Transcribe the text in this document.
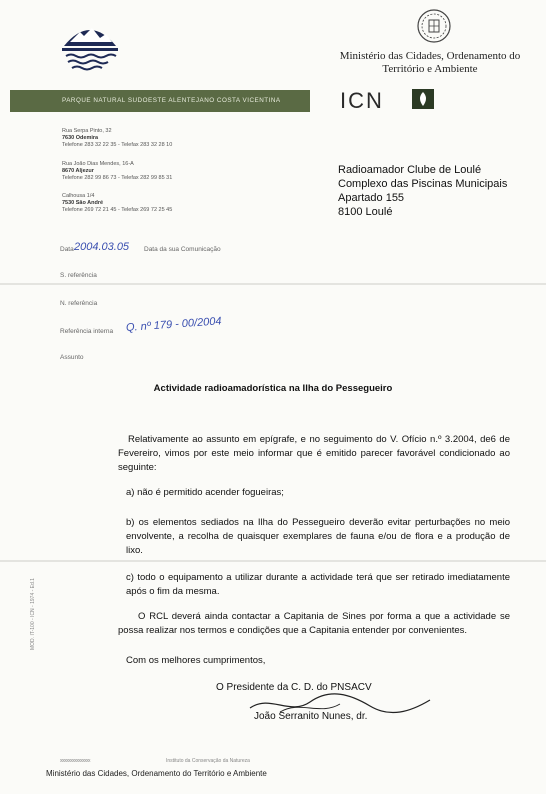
Ministério das Cidades, Ordenamento do
Território e Ambiente
PARQUE NATURAL SUDOESTE ALENTEJANO COSTA VICENTINA	ICN
Rua Serpa Pinto, 32
7630 Odemira
Telefone 283 32 22 35 - Telefax 283 32 28 10
Rua João Dias Mendes, 16-A
8670 Aljezur
Telefone 282 99 86 73 - Telefax 282 99 85 31
Calhousa 1/4
7530 São André
Telefone 269 72 21 45 - Telefax 269 72 25 45
Radioamador Clube de Loulé
Complexo das Piscinas Municipais
Apartado 155
8100 Loulé
Data 2004.03.05 Data da sua Comunicação
S. referência
N. referência
Referência interna Q. nº 179 - 00/2004
Assunto
Actividade radioamadorística na Ilha do Pessegueiro
Relativamente ao assunto em epígrafe, e no seguimento do V. Ofício n.º 3.2004, de6 de Fevereiro, vimos por este meio informar que é emitido parecer favorável condicionado ao seguinte:
a) não é permitido acender fogueiras;
b) os elementos sediados na Ilha do Pessegueiro deverão evitar perturbações no meio envolvente, a recolha de quaisquer exemplares de fauna e/ou de flora e a produção de lixo.
c) todo o equipamento a utilizar durante a actividade terá que ser retirado imediatamente após o fim da mesma.
O RCL deverá ainda contactar a Capitania de Sines por forma a que a actividade se possa realizar nos termos e condições que a Capitania entender por convenientes.
Com os melhores cumprimentos,
O Presidente da C. D. do PNSACV
João Serranito Nunes, dr.
MOD. IT-100 - ICN - 1974 - Ed.1
xxxxxxxxxxxxxxx	Instituto da Conservação da Natureza
Ministério das Cidades, Ordenamento do Território e Ambiente
